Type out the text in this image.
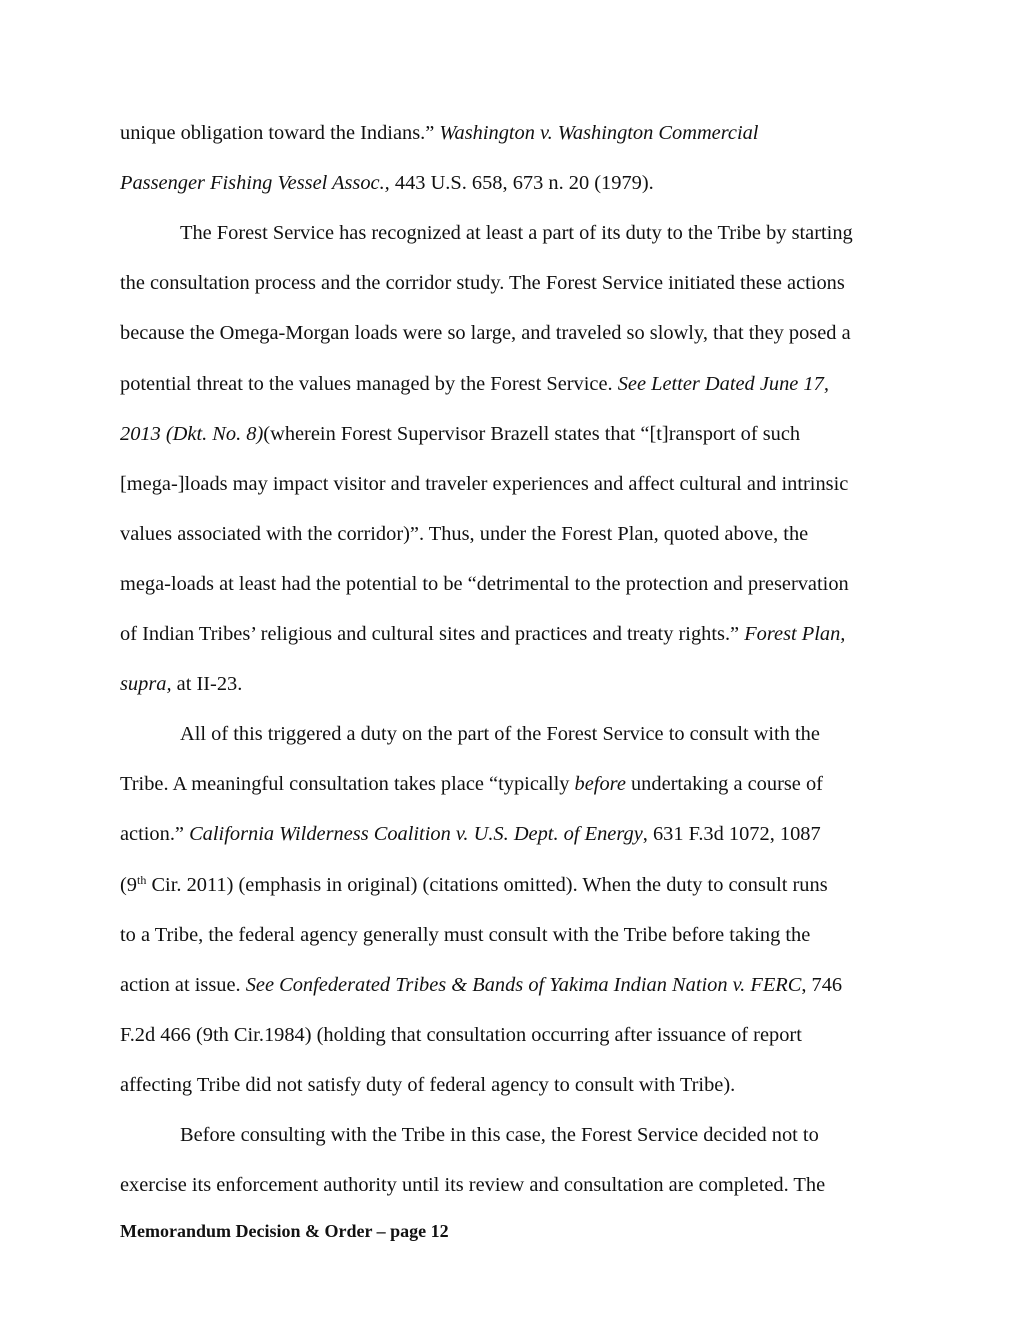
unique obligation toward the Indians.” Washington v. Washington Commercial
Passenger Fishing Vessel Assoc., 443 U.S. 658, 673 n. 20 (1979).
The Forest Service has recognized at least a part of its duty to the Tribe by starting
the consultation process and the corridor study. The Forest Service initiated these actions
because the Omega-Morgan loads were so large, and traveled so slowly, that they posed a
potential threat to the values managed by the Forest Service. See Letter Dated June 17,
2013 (Dkt. No. 8)(wherein Forest Supervisor Brazell states that “[t]ransport of such
[mega-]loads may impact visitor and traveler experiences and affect cultural and intrinsic
values associated with the corridor)”. Thus, under the Forest Plan, quoted above, the
mega-loads at least had the potential to be “detrimental to the protection and preservation
of Indian Tribes’ religious and cultural sites and practices and treaty rights.” Forest Plan,
supra, at II-23.
All of this triggered a duty on the part of the Forest Service to consult with the
Tribe. A meaningful consultation takes place “typically before undertaking a course of
action.” California Wilderness Coalition v. U.S. Dept. of Energy, 631 F.3d 1072, 1087
(9th Cir. 2011) (emphasis in original) (citations omitted). When the duty to consult runs
to a Tribe, the federal agency generally must consult with the Tribe before taking the
action at issue. See Confederated Tribes & Bands of Yakima Indian Nation v. FERC, 746
F.2d 466 (9th Cir.1984) (holding that consultation occurring after issuance of report
affecting Tribe did not satisfy duty of federal agency to consult with Tribe).
Before consulting with the Tribe in this case, the Forest Service decided not to
exercise its enforcement authority until its review and consultation are completed. The
Memorandum Decision & Order – page 12
